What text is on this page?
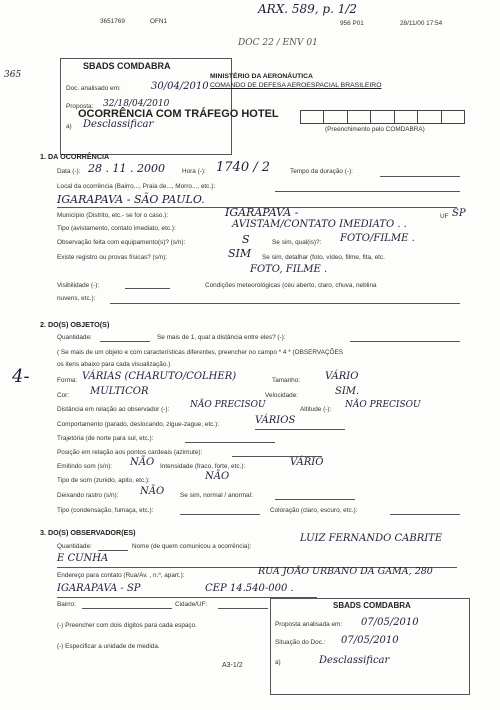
3651769	OFN1	956 P01	28/11/00 17:54
ARX. 589, p. 1/2
DOC 22 / ENV 01
365
SBADS COMDABRA
Doc. analisado em:	30/04/2010
Proposta: 32/18/04/2010
a) Desclassificar
MINISTÉRIO DA AERONÁUTICA
COMANDO DE DEFESA AEROESPACIAL BRASILEIRO
OCORRÊNCIA COM TRÁFEGO HOTEL
(Preenchimento pelo COMDABRA)
1. DA OCORRÊNCIA
Data (-): 28 . 11 . 2000	Hora (-): 1740 / 2	Tempo da duração (-):
Local da ocorrência (Bairro..., Praia de..., Morro..., etc.):
IGARAPAVA - SÃO PAULO.
Município (Distrito, etc.- se for o caso.):	IGARAPAVA -	UF SP
Tipo (avistamento, contato imediato, etc.):	AVISTAM/CONTATO IMEDIATO . .
Observação feita com equipamento(s)? (s/n):	S	Se sim, qual(is)?: FOTO/FILME .
Existe registro ou provas físicas? (s/n):	SIM Se sim, detalhar (foto, vídeo, filme, fita, etc.
FOTO, FILME .
Visibilidade (-):	Condições meteorológicas (céu aberto, claro, chuva, neblina
nuvens, etc.):
2. DO(S) OBJETO(S)
Quantidade:	Se mais de 1, qual a distância entre eles? (-):
( Se mais de um objeto e com características diferentes, preencher no campo * 4 * (OBSERVAÇÕES
os itens abaixo para cada visualização.)
4-	Forma: VÁRIAS (CHARUTO/COLHER)	Tamanho: VÁRIO
Cor: MULTICOR	Velocidade:	SIM.
Distância em relação ao observador (-): NÃO PRECISOU	Altitude (-): NÃO PRECISOU
Comportamento (parado, deslocando, zigue-zague, etc.):	VÁRIOS
Trajetória (de norte para sul, etc.):
Posição em relação aos pontos cardeais (azimute):
Emitindo som (s/n): NÃO Intensidade (fraco, forte, etc.):	VÁRIO
Tipo de som (zunido, apito, etc.):	NÃO
Deixando rastro (s/n): NÃO Se sim, normal / anormal:
Tipo (condensação, fumaça, etc.):	Coloração (claro, escuro, etc.):
3. DO(S) OBSERVADOR(ES)
Quantidade:	Nome (de quem comunicou a ocorrência):
LUIZ FERNANDO CABRITE
E CUNHA
Endereço para contato (Rua/Av. , n.º, apart.):	RUA JOÃO URBANO DA GAMA, 280
IGARAPAVA - SP	CEP 14.540-000 .
Bairro:	Cidade/UF:
(-) Preencher com dois dígitos para cada espaço.
(-) Especificar a unidade de medida.
SBADS COMDABRA
Proposta analisada em: 07/05/2010
Situação do Doc.: 07/05/2010
a)	Desclassificar
A3-1/2
